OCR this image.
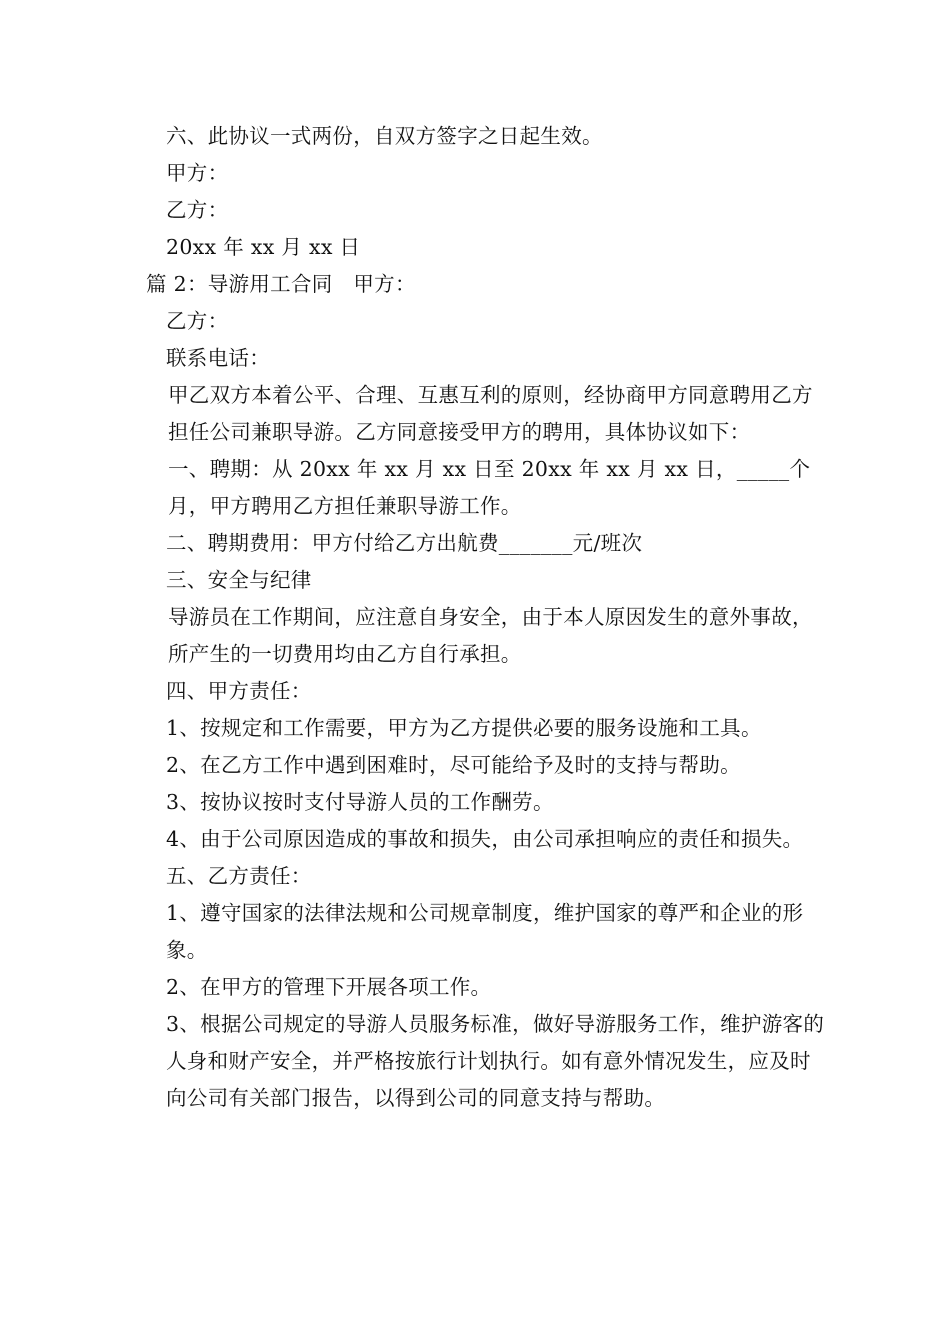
六、此协议一式两份，自双方签字之日起生效。

甲方：

乙方：

20xx 年 xx 月 xx 日

篇 2：导游用工合同　甲方：

乙方：

联系电话：

甲乙双方本着公平、合理、互惠互利的原则，经协商甲方同意聘用乙方担任公司兼职导游。乙方同意接受甲方的聘用，具体协议如下：

一、聘期：从 20xx 年 xx 月 xx 日至 20xx 年 xx 月 xx 日，_____个月，甲方聘用乙方担任兼职导游工作。

二、聘期费用：甲方付给乙方出航费_______元/班次

三、安全与纪律

导游员在工作期间，应注意自身安全，由于本人原因发生的意外事故，所产生的一切费用均由乙方自行承担。

四、甲方责任：

1、按规定和工作需要，甲方为乙方提供必要的服务设施和工具。

2、在乙方工作中遇到困难时，尽可能给予及时的支持与帮助。

3、按协议按时支付导游人员的工作酬劳。

4、由于公司原因造成的事故和损失，由公司承担响应的责任和损失。

五、乙方责任：

1、遵守国家的法律法规和公司规章制度，维护国家的尊严和企业的形象。

2、在甲方的管理下开展各项工作。

3、根据公司规定的导游人员服务标准，做好导游服务工作，维护游客的人身和财产安全，并严格按旅行计划执行。如有意外情况发生，应及时向公司有关部门报告，以得到公司的同意支持与帮助。
